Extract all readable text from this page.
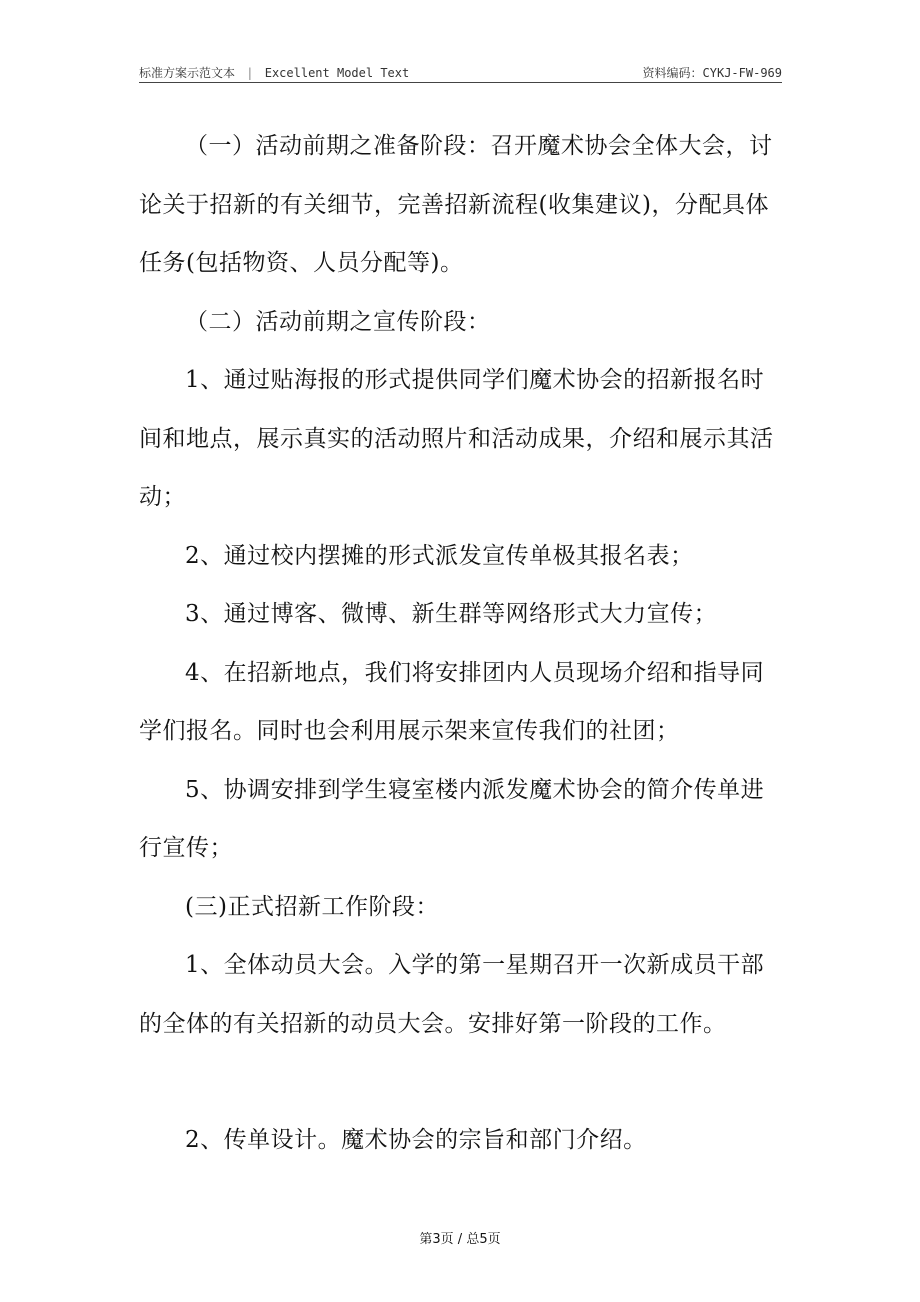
标准方案示范文本 | Excellent Model Text	资料编码：CYKJ-FW-969

（一）活动前期之准备阶段：召开魔术协会全体大会，讨论关于招新的有关细节，完善招新流程(收集建议)，分配具体任务(包括物资、人员分配等)。

（二）活动前期之宣传阶段：

1、通过贴海报的形式提供同学们魔术协会的招新报名时间和地点，展示真实的活动照片和活动成果，介绍和展示其活动；

2、通过校内摆摊的形式派发宣传单极其报名表；

3、通过博客、微博、新生群等网络形式大力宣传；

4、在招新地点，我们将安排团内人员现场介绍和指导同学们报名。同时也会利用展示架来宣传我们的社团；

5、协调安排到学生寝室楼内派发魔术协会的简介传单进行宣传；

(三)正式招新工作阶段：

1、全体动员大会。入学的第一星期召开一次新成员干部的全体的有关招新的动员大会。安排好第一阶段的工作。

2、传单设计。魔术协会的宗旨和部门介绍。

第3页 / 总5页
